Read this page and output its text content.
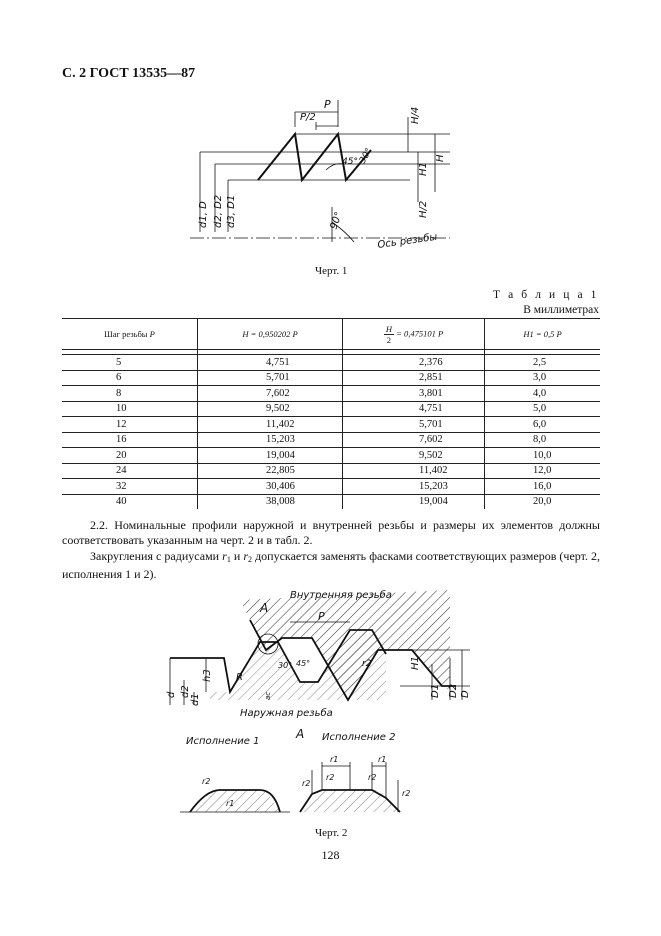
С. 2 ГОСТ 13535—87
P
P/2	H/4
H
H1
H/2
45° 30°
90°
d1, D d2, D2 d3, D1
Ось резьбы
Черт. 1
Т а б л и ц а 1
В миллиметрах
Шаг резьбы P	H = 0,950202 P	$\frac{H}{2} = 0,475101$ P	H1 = 0,5 P

5	4,751	2,376	2,5
6	5,701	2,851	3,0
8	7,602	3,801	4,0
10	9,502	4,751	5,0
12	11,402	5,701	6,0
16	15,203	7,602	8,0
20	19,004	9,502	10,0
24	22,805	11,402	12,0
32	30,406	15,203	16,0
40	38,008	19,004	20,0
2.2. Номинальные профили наружной и внутренней резьбы и размеры их элементов должны соответствовать указанным на черт. 2 и в табл. 2.
Закругления с радиусами $r_1$ и $r_2$ допускается заменять фасками соответствующих размеров (черт. 2, исполнения 1 и 2).
Внутренняя резьба
Наружная резьба
A
P
R
h3
d d2
d1
H1
D1 D2 D
r2
30° 45°
ac
Исполнение 1
A Исполнение 2
r2
r1
r1
r2
r1
r2
r2
r2
Черт. 2
128
